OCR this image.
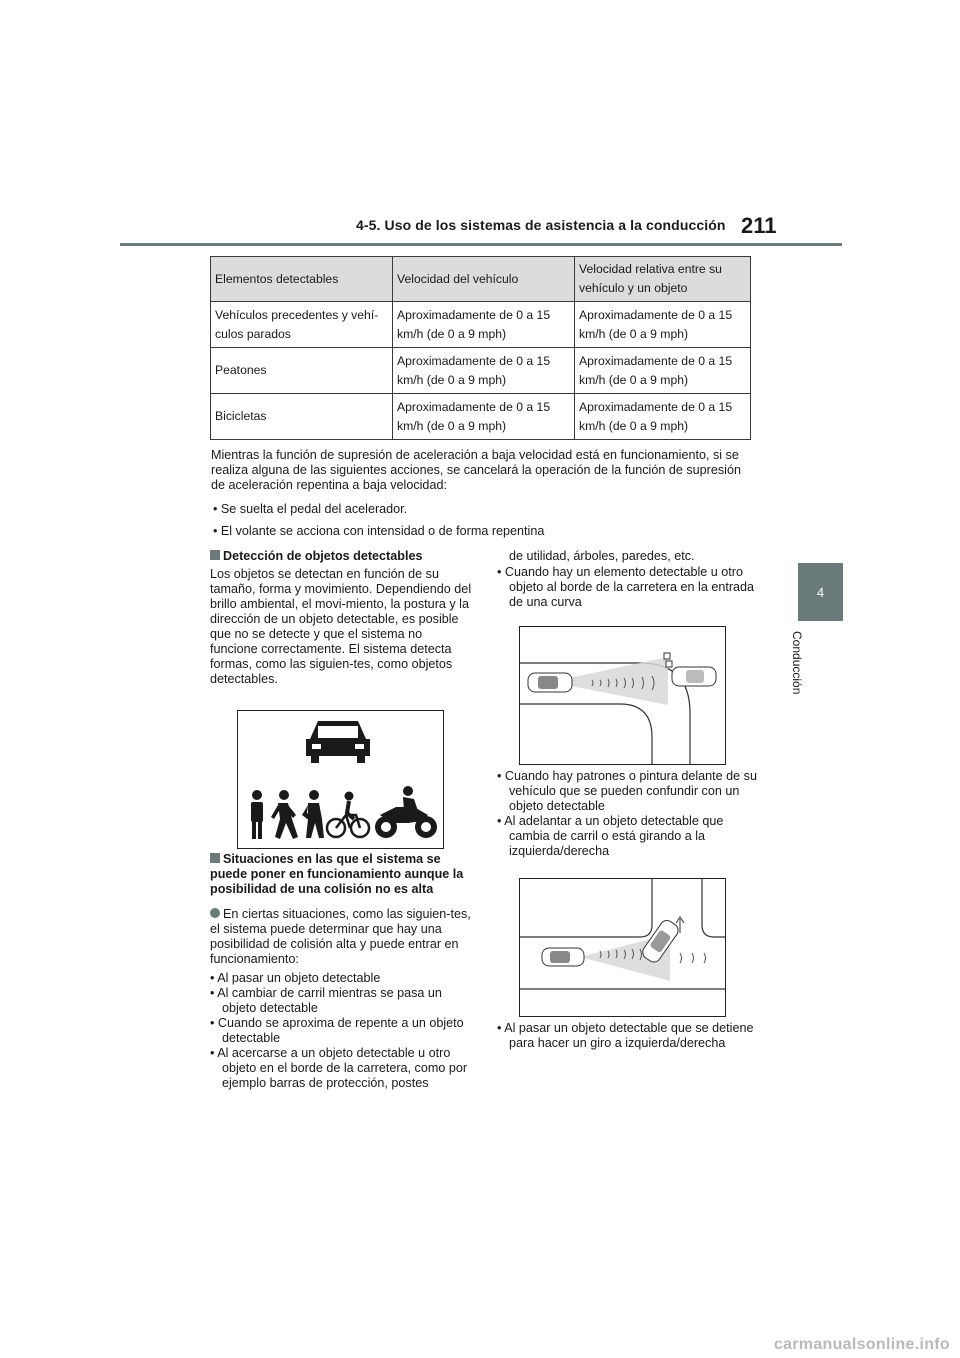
4-5. Uso de los sistemas de asistencia a la conducción 211
4
Conducción
Elementos detectables	Velocidad del vehículo	Velocidad relativa entre su vehículo y un objeto
Vehículos precedentes y vehí-culos parados	Aproximadamente de 0 a 15 km/h (de 0 a 9 mph)	Aproximadamente de 0 a 15 km/h (de 0 a 9 mph)
Peatones	Aproximadamente de 0 a 15 km/h (de 0 a 9 mph)	Aproximadamente de 0 a 15 km/h (de 0 a 9 mph)
Bicicletas	Aproximadamente de 0 a 15 km/h (de 0 a 9 mph)	Aproximadamente de 0 a 15 km/h (de 0 a 9 mph)
Mientras la función de supresión de aceleración a baja velocidad está en funcionamiento, si se realiza alguna de las siguientes acciones, se cancelará la operación de la función de supresión de aceleración repentina a baja velocidad:
• Se suelta el pedal del acelerador.
• El volante se acciona con intensidad o de forma repentina
Detección de objetos detectables
Los objetos se detectan en función de su tamaño, forma y movimiento. Dependiendo del brillo ambiental, el movi-miento, la postura y la dirección de un objeto detectable, es posible que no se detecte y que el sistema no funcione correctamente. El sistema detecta formas, como las siguien-tes, como objetos detectables.
Situaciones en las que el sistema se puede poner en funcionamiento aunque la posibilidad de una colisión no es alta
En ciertas situaciones, como las siguien-tes, el sistema puede determinar que hay una posibilidad de colisión alta y puede entrar en funcionamiento:
• Al pasar un objeto detectable
• Al cambiar de carril mientras se pasa un objeto detectable
• Cuando se aproxima de repente a un objeto detectable
• Al acercarse a un objeto detectable u otro objeto en el borde de la carretera, como por ejemplo barras de protección, postes
de utilidad, árboles, paredes, etc.
• Cuando hay un elemento detectable u otro objeto al borde de la carretera en la entrada de una curva
• Cuando hay patrones o pintura delante de su vehículo que se pueden confundir con un objeto detectable
• Al adelantar a un objeto detectable que cambia de carril o está girando a la izquierda/derecha
• Al pasar un objeto detectable que se detiene para hacer un giro a izquierda/derecha
carmanualsonline.info
